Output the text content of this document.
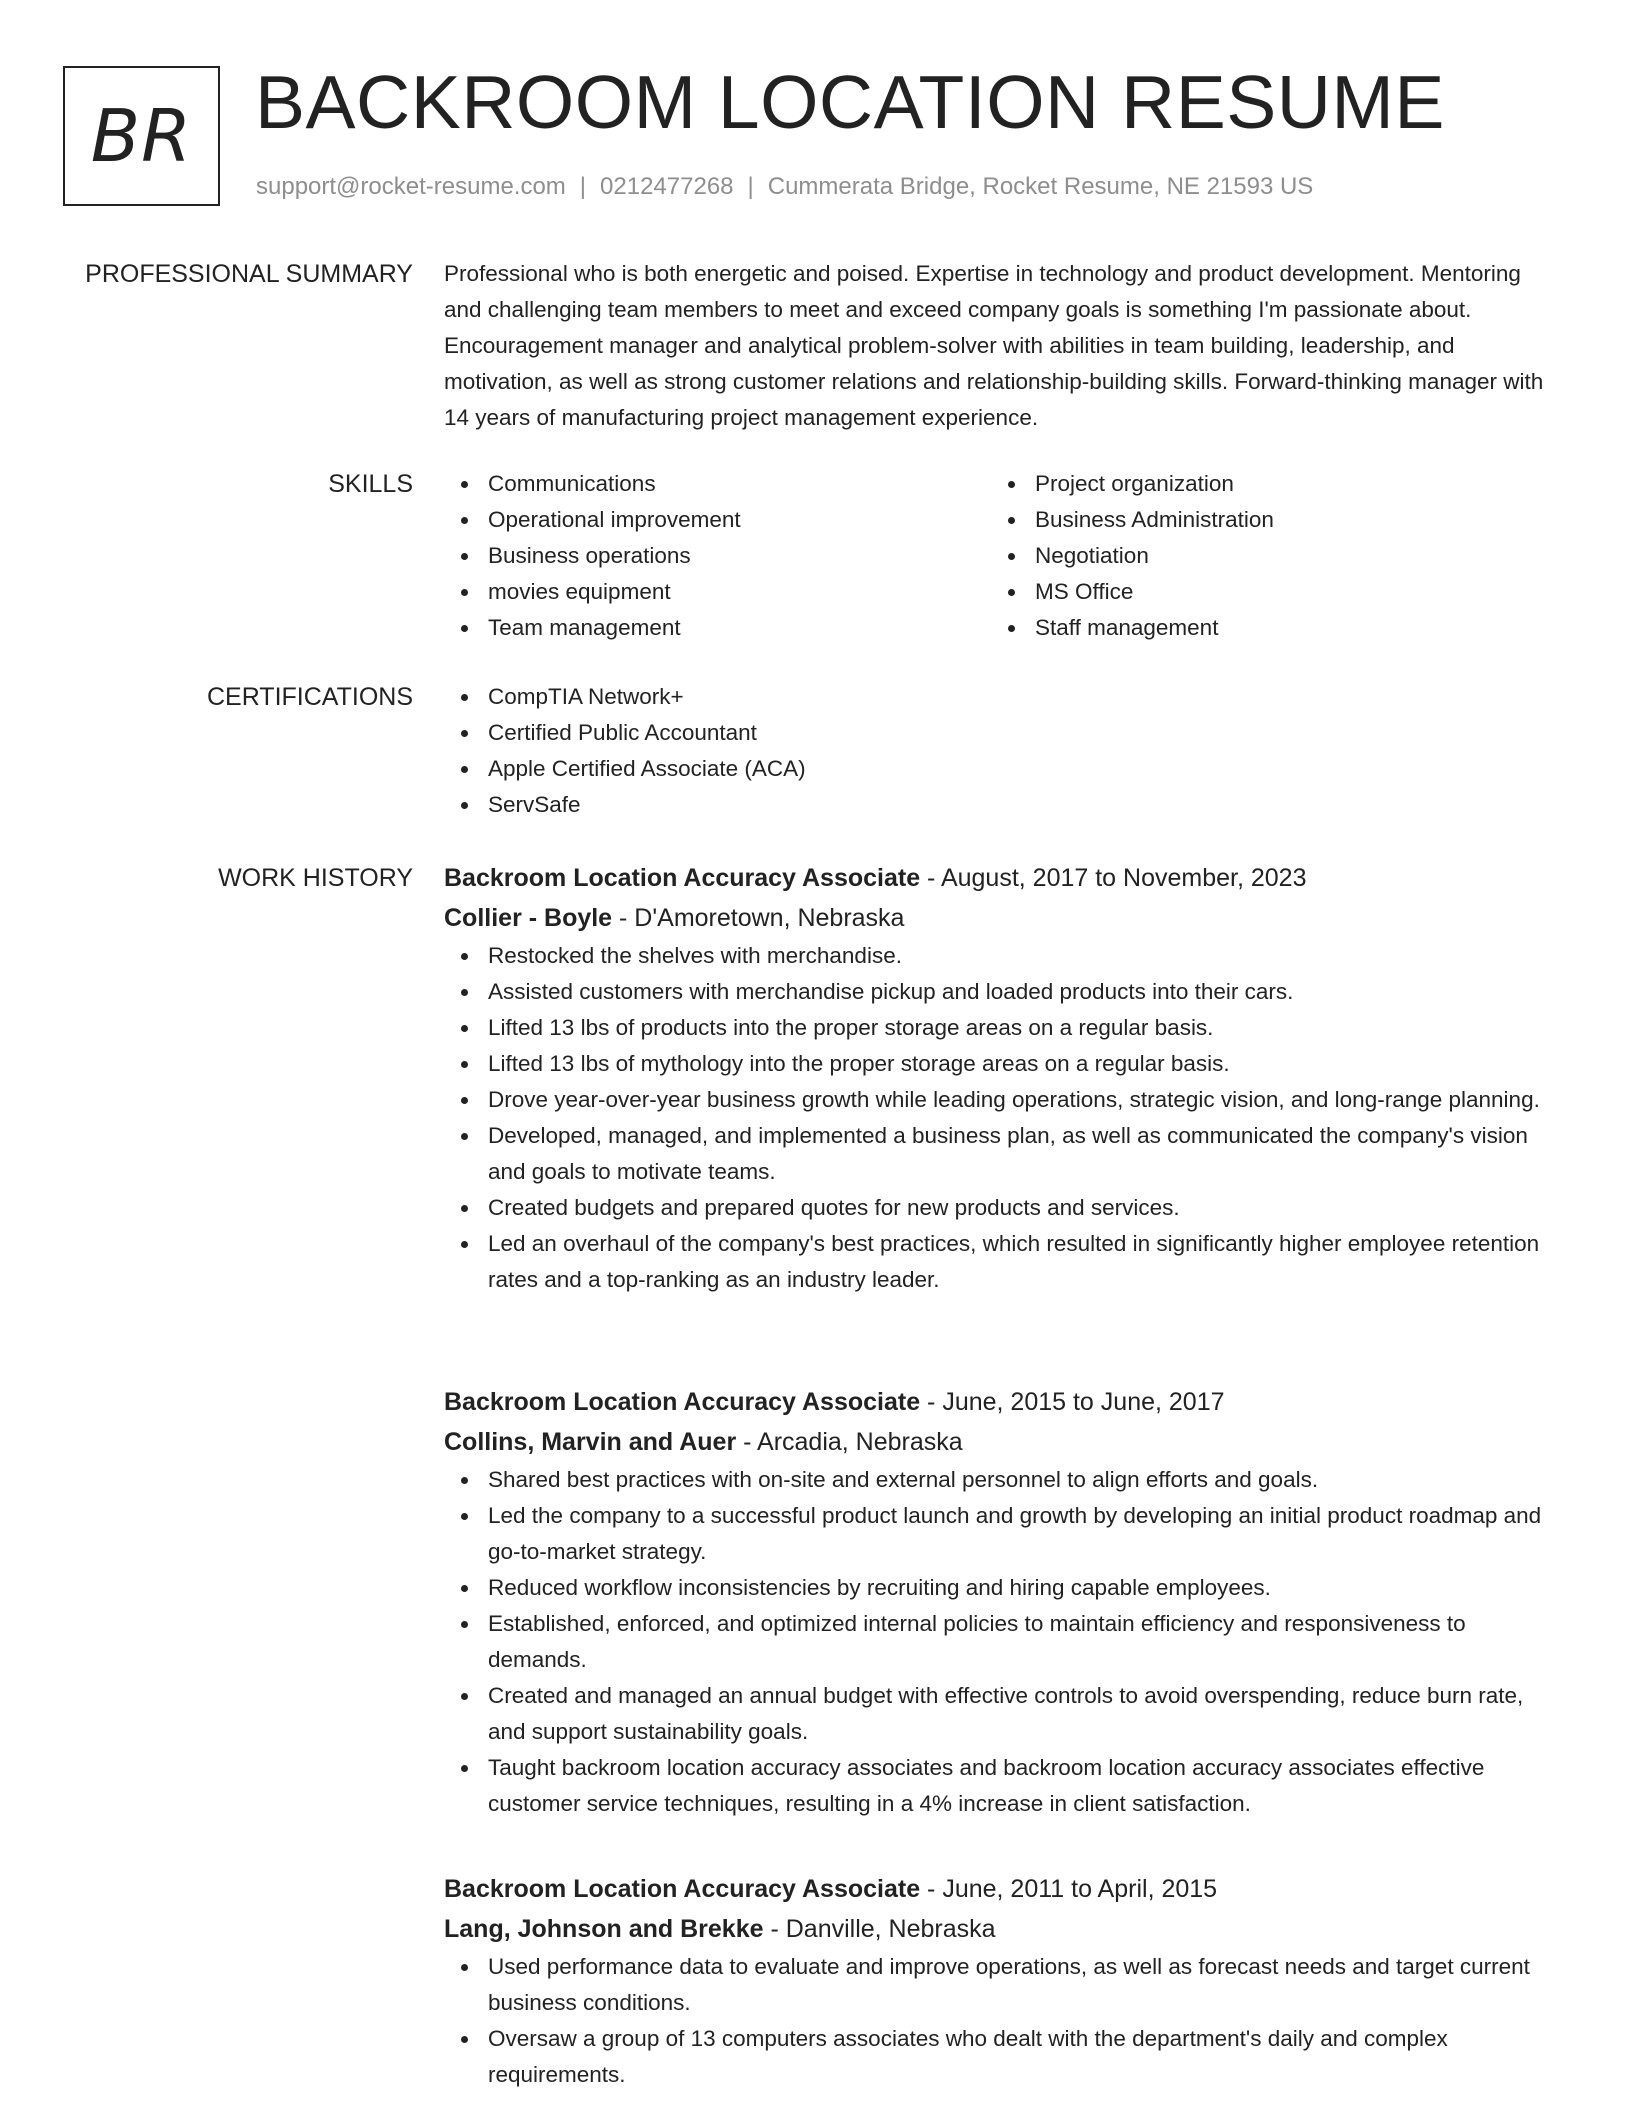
BR BACKROOM LOCATION RESUME
support@rocket-resume.com | 0212477268 | Cummerata Bridge, Rocket Resume, NE 21593 US
PROFESSIONAL SUMMARY Professional who is both energetic and poised. Expertise in technology and product development. Mentoring and challenging team members to meet and exceed company goals is something I'm passionate about. Encouragement manager and analytical problem-solver with abilities in team building, leadership, and motivation, as well as strong customer relations and relationship-building skills. Forward-thinking manager with 14 years of manufacturing project management experience.

SKILLS	Communications
Operational improvement
Business operations
movies equipment
Team management
Project organization
Business Administration
Negotiation
MS Office
Staff management
CERTIFICATIONS	CompTIA Network+
Certified Public Accountant
Apple Certified Associate (ACA)
ServSafe
WORK HISTORY Backroom Location Accuracy Associate - August, 2017 to November, 2023
Collier - Boyle - D'Amoretown, Nebraska
Restocked the shelves with merchandise.
Assisted customers with merchandise pickup and loaded products into their cars.
Lifted 13 lbs of products into the proper storage areas on a regular basis.
Lifted 13 lbs of mythology into the proper storage areas on a regular basis.
Drove year-over-year business growth while leading operations, strategic vision, and long-range planning.
Developed, managed, and implemented a business plan, as well as communicated the company's vision and goals to motivate teams.
Created budgets and prepared quotes for new products and services.
Led an overhaul of the company's best practices, which resulted in significantly higher employee retention rates and a top-ranking as an industry leader.
Backroom Location Accuracy Associate - June, 2015 to June, 2017
Collins, Marvin and Auer - Arcadia, Nebraska
Shared best practices with on-site and external personnel to align efforts and goals.
Led the company to a successful product launch and growth by developing an initial product roadmap and go-to-market strategy.
Reduced workflow inconsistencies by recruiting and hiring capable employees.
Established, enforced, and optimized internal policies to maintain efficiency and responsiveness to demands.
Created and managed an annual budget with effective controls to avoid overspending, reduce burn rate, and support sustainability goals.
Taught backroom location accuracy associates and backroom location accuracy associates effective customer service techniques, resulting in a 4% increase in client satisfaction.
Backroom Location Accuracy Associate - June, 2011 to April, 2015
Lang, Johnson and Brekke - Danville, Nebraska
Used performance data to evaluate and improve operations, as well as forecast needs and target current business conditions.
Oversaw a group of 13 computers associates who dealt with the department's daily and complex requirements.
